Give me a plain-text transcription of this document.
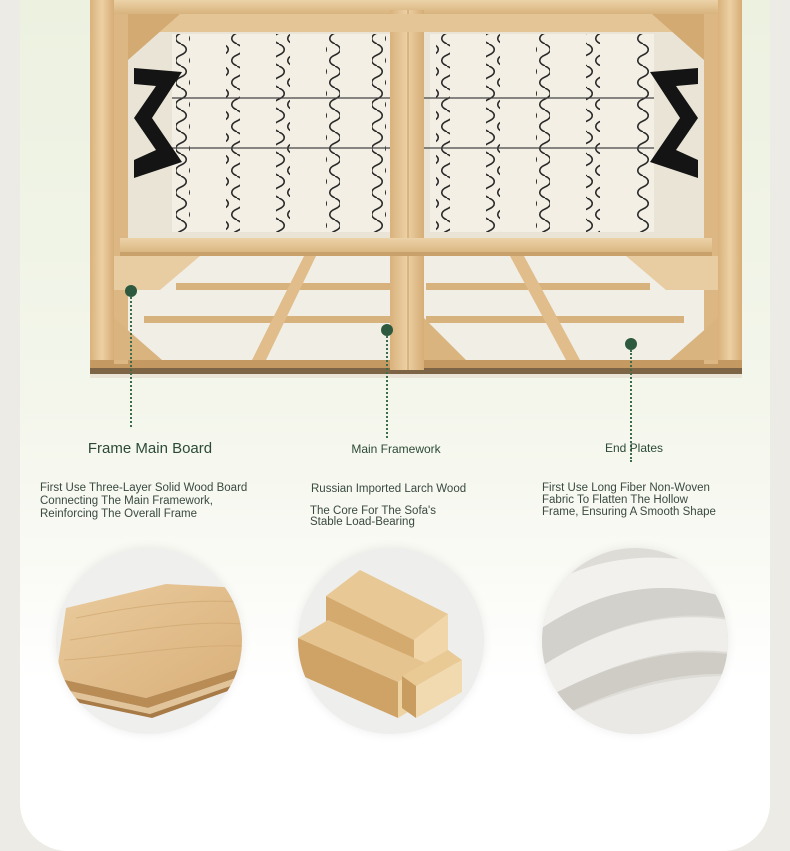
Frame Main Board	Main Framework	End Plates
First Use Three-Layer Solid Wood Board
Connecting The Main Framework,
Reinforcing The Overall Frame
Russian Imported Larch Wood
The Core For The Sofa's
Stable Load-Bearing
First Use Long Fiber Non-Woven
Fabric To Flatten The Hollow
Frame, Ensuring A Smooth Shape
